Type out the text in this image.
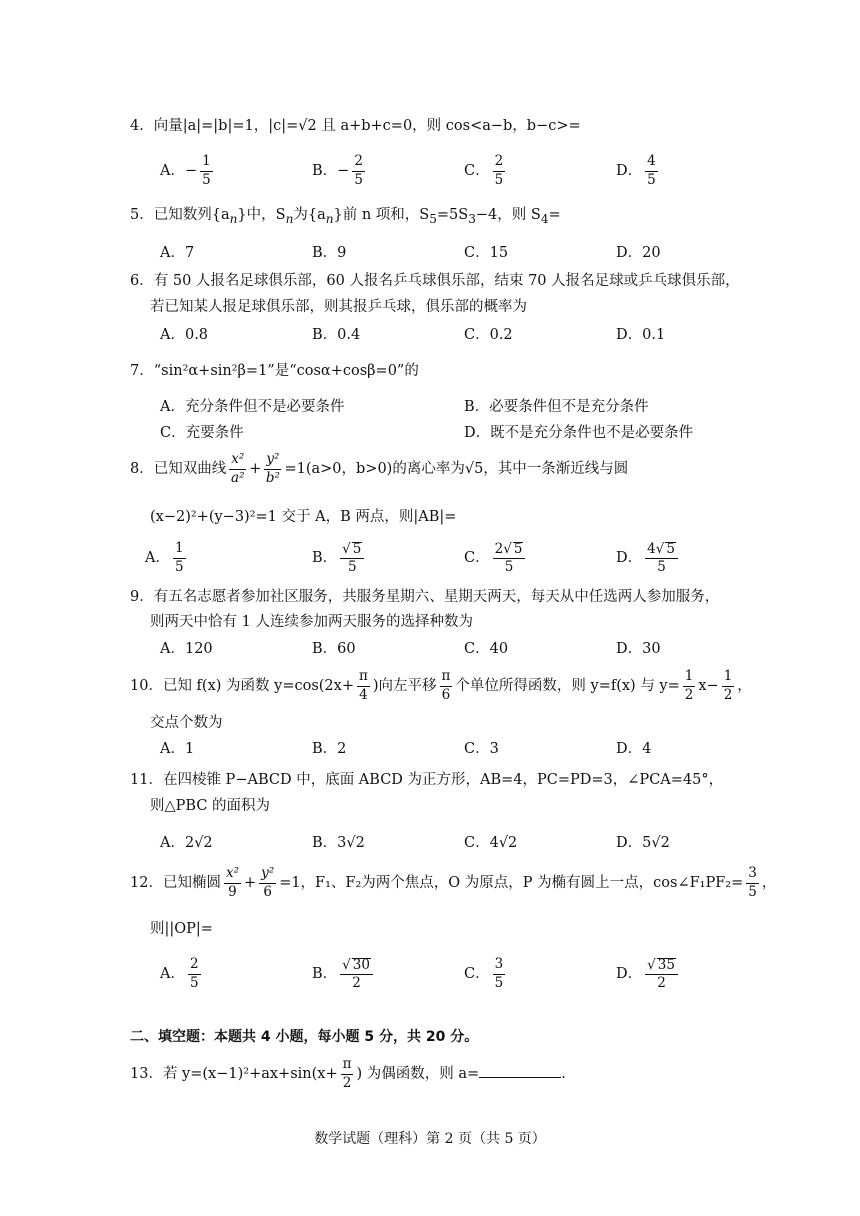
4．向量|a|=|b|=1，|c|=√2 且 a+b+c=0，则 cos<a−b，b−c>=
A． − $\frac{1}{5}$	B． − $\frac{2}{5}$	C． $\frac{2}{5}$	D． $\frac{4}{5}$
5．已知数列$\{a_n\}$中，$S_n$为$\{a_n\}$前 n 项和，$S_5=5S_3-4$，则 $S_4=$
A．7	B．9	C．15	D．20
6．有 50 人报名足球俱乐部，60 人报名乒乓球俱乐部，结束 70 人报名足球或乒乓球俱乐部，
若已知某人报足球俱乐部，则其报乒乓球，俱乐部的概率为
A．0.8	B．0.4	C．0.2	D．0.1
7．“sin²α+sin²β=1”是“cosα+cosβ=0”的
A．充分条件但不是必要条件	B．必要条件但不是充分条件
C．充要条件	D．既不是充分条件也不是必要条件
8．已知双曲线 $\frac{\text{x²}}{\text{a²}} + \frac{\text{y²}}{\text{b²}} =1(a>0$，b>0)的离心率为√5，其中一条渐近线与圆
(x−2)²+(y−3)²=1 交于 A，B 两点，则|AB|=
A． $\frac{1}{5}$	B． $\frac{√ 5}{5}$	C． $\frac{2√ 5}{5}$	D． $\frac{4√ 5}{5}$
9．有五名志愿者参加社区服务，共服务星期六、星期天两天，每天从中任选两人参加服务，
则两天中恰有 1 人连续参加两天服务的选择种数为
A．120	B．60	C．40	D．30
10．已知 f(x) 为函数 $y=\cos(2x+ \frac{\pi}{4}$ )向左平移 $\frac{\pi}{6}$ 个单位所得函数，则 y=f(x) 与 $y= \frac{1}{2} x- \frac{1}{2}$ ，
交点个数为
A．1	B．2	C．3	D．4
11．在四棱锥 P−ABCD 中，底面 ABCD 为正方形，AB=4，PC=PD=3，∠PCA=45°，
则△PBC 的面积为
A．2√2	B．3√2	C．4√2	D．5√2
12．已知椭圆 $\frac{\text{x²}}{9} + \frac{\text{y²}}{6} =1$，F₁、F₂为两个焦点，O 为原点，P 为椭有圆上一点，cos∠F₁PF₂= $\frac{3}{5}$ ，
则||OP|=
A． $\frac{2}{5}$	B． $\frac{√ 30}{2}$	C． $\frac{3}{5}$	D． $\frac{√ 35}{2}$
二、填空题：本题共 4 小题，每小题 5 分，共 20 分。
13．若 $y=(x-1)^2+ax+\sin(x+ \frac{\pi}{2}$ ) 为偶函数，则 a=	.
数学试题（理科）第 2 页（共 5 页）
